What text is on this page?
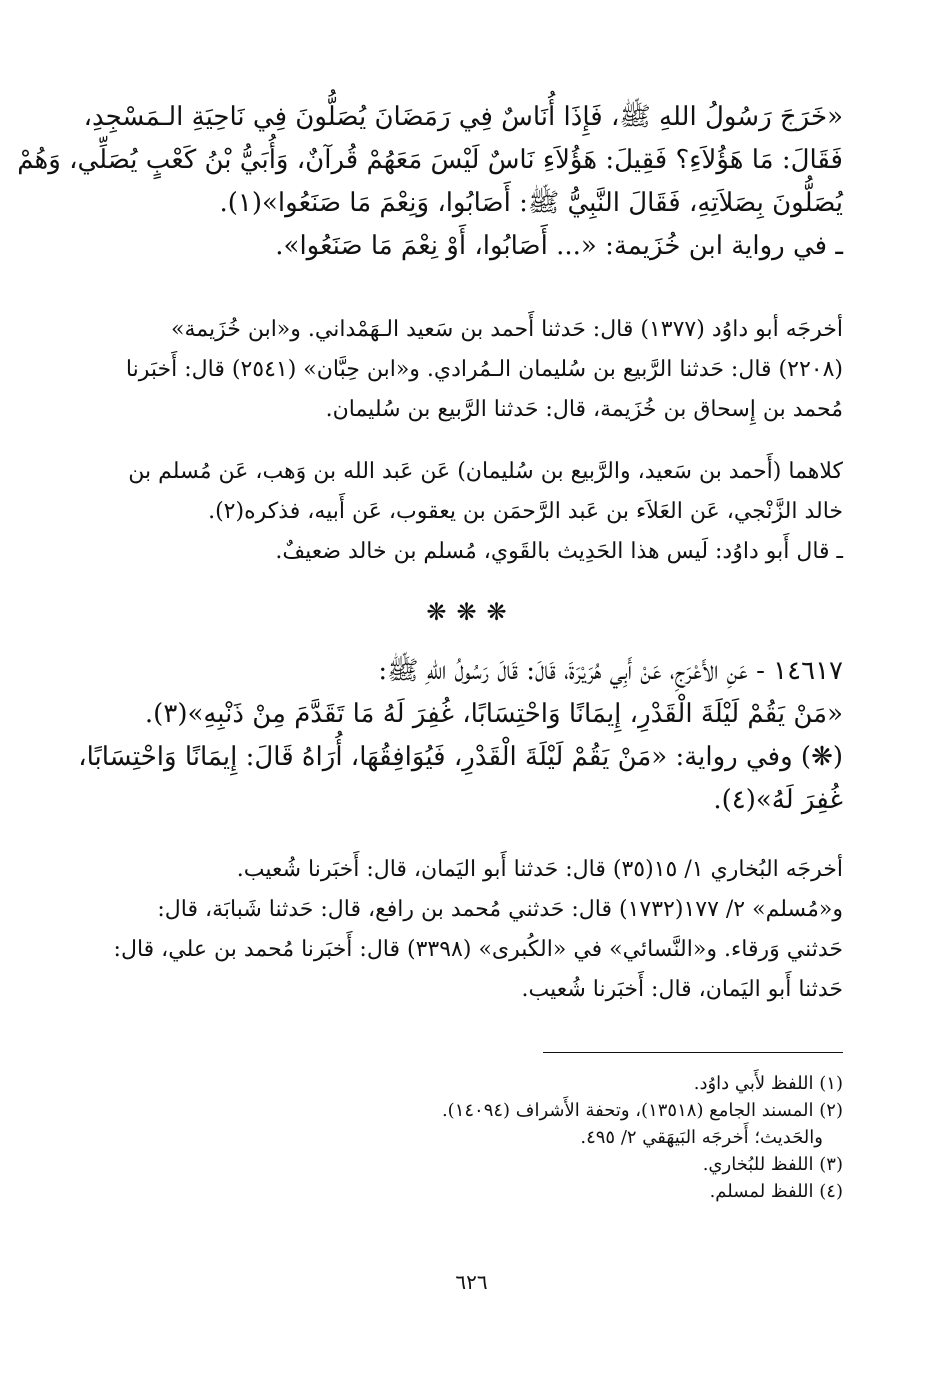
«خَرَجَ رَسُولُ اللهِ ﷺ، فَإِذَا أُنَاسٌ فِي رَمَضَانَ يُصَلُّونَ فِي نَاحِيَةِ الـمَسْجِدِ،
فَقَالَ: مَا هَؤُلاَءِ؟ فَقِيلَ: هَؤُلاَءِ نَاسٌ لَيْسَ مَعَهُمْ قُرآنٌ، وَأُبَيُّ بْنُ كَعْبٍ يُصَلِّي، وَهُمْ
يُصَلُّونَ بِصَلاَتِهِ، فَقَالَ النَّبِيُّ ﷺ: أَصَابُوا، وَنِعْمَ مَا صَنَعُوا»(١).
ـ في رواية ابن خُزَيمة: «... أَصَابُوا، أَوْ نِعْمَ مَا صَنَعُوا».
أخرجَه أبو داوُد (١٣٧٧) قال: حَدثنا أَحمد بن سَعيد الـهَمْداني. و«ابن خُزَيمة»
(٢٢٠٨) قال: حَدثنا الرَّبيع بن سُليمان الـمُرادي. و«ابن حِبَّان» (٢٥٤١) قال: أَخبَرنا
مُحمد بن إِسحاق بن خُزَيمة، قال: حَدثنا الرَّبيع بن سُليمان.
كلاهما (أَحمد بن سَعيد، والرَّبيع بن سُليمان) عَن عَبد الله بن وَهب، عَن مُسلم بن
خالد الزَّنْجي، عَن العَلاَء بن عَبد الرَّحمَن بن يعقوب، عَن أَبيه، فذكره(٢).
ـ قال أَبو داوُد: لَيس هذا الحَدِيث بالقَوي، مُسلم بن خالد ضعيفٌ.
❋❋❋
١٤٦١٧ - عَنِ الأَعْرَجِ، عَنْ أَبِي هُرَيْرَةَ، قَالَ: قَالَ رَسُولُ اللهِ ﷺ:
«مَنْ يَقُمْ لَيْلَةَ الْقَدْرِ، إِيمَانًا وَاحْتِسَابًا، غُفِرَ لَهُ مَا تَقَدَّمَ مِنْ ذَنْبِهِ»(٣).
(❋) وفي رواية: «مَنْ يَقُمْ لَيْلَةَ الْقَدْرِ، فَيُوَافِقُهَا، أُرَاهُ قَالَ: إِيمَانًا وَاحْتِسَابًا،
غُفِرَ لَهُ»(٤).
أخرجَه البُخاري ١/ ١٥(٣٥) قال: حَدثنا أَبو اليَمان، قال: أَخبَرنا شُعيب.
و«مُسلم» ٢/ ١٧٧(١٧٣٢) قال: حَدثني مُحمد بن رافع، قال: حَدثنا شَبابَة، قال:
حَدثني وَرقاء. و«النَّسائي» في «الكُبرى» (٣٣٩٨) قال: أَخبَرنا مُحمد بن علي، قال:
حَدثنا أَبو اليَمان، قال: أَخبَرنا شُعيب.
(١) اللفظ لأَبي داوُد.
(٢) المسند الجامع (١٣٥١٨)، وتحفة الأَشراف (١٤٠٩٤).
والحَديث؛ أَخرجَه البَيهَقي ٢/ ٤٩٥.
(٣) اللفظ للبُخاري.
(٤) اللفظ لمسلم.
٦٢٦
